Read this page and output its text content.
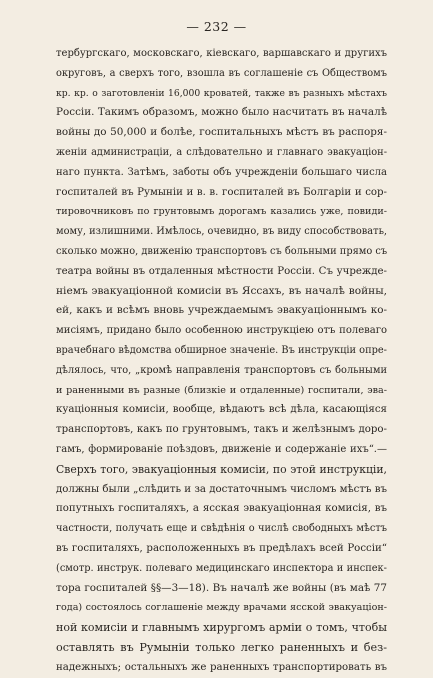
— 232 —
тербургскаго, московскаго, кіевскаго, варшавскаго и другихъ
округовъ, а сверхъ того, взошла въ соглашеніе съ Обществомъ
кр. кр. о заготовленіи 16,000 кроватей, также въ разныхъ мѣстахъ
Россіи. Такимъ образомъ, можно было насчитать въ началѣ
войны до 50,000 и болѣе, госпитальныхъ мѣстъ въ распоря-
женіи администраціи, а слѣдовательно и главнаго эвакуаціон-
наго пункта. Затѣмъ, заботы объ учрежденіи большаго числа
госпиталей въ Румыніи и в. в. госпиталей въ Болгаріи и сор-
тировочниковъ по грунтовымъ дорогамъ казались уже, повиди-
мому, излишними. Имѣлось, очевидно, въ виду способствовать,
сколько можно, движенію транспортовъ съ больными прямо съ
театра войны въ отдаленныя мѣстности Россіи. Съ учрежде-
ніемъ эвакуаціонной комисіи въ Яссахъ, въ началѣ войны,
ей, какъ и всѣмъ вновь учреждаемымъ эвакуаціоннымъ ко-
мисіямъ, придано было особенною инструкціею отъ полеваго
врачебнаго вѣдомства обширное значеніе. Въ инструкціи опре-
дѣлялось, что, „кромѣ направленія транспортовъ съ больными
и раненными въ разные (близкіе и отдаленные) госпитали, эва-
куаціонныя комисіи, вообще, вѣдаютъ всѣ дѣла, касающіяся
транспортовъ, какъ по грунтовымъ, такъ и желѣзнымъ доро-
гамъ, формированіе поѣздовъ, движеніе и содержаніе ихъ“.—
Сверхъ того, эвакуаціонныя комисіи, по этой инструкціи,
должны были „слѣдить и за достаточнымъ числомъ мѣстъ въ
попутныхъ госпиталяхъ, а ясская эвакуаціонная комисія, въ
частности, получать еще и свѣдѣнія о числѣ свободныхъ мѣстъ
въ госпиталяхъ, расположенныхъ въ предѣлахъ всей Россіи“
(смотр. инструк. полеваго медицинскаго инспектора и инспек-
тора госпиталей §§—3—18). Въ началѣ же войны (въ маѣ 77
года) состоялось соглашеніе между врачами ясской эвакуаціон-
ной комисіи и главнымъ хирургомъ арміи о томъ, чтобы
оставлять въ Румыніи только легко раненныхъ и без-
надежныхъ; остальныхъ же раненныхъ транспортировать въ
